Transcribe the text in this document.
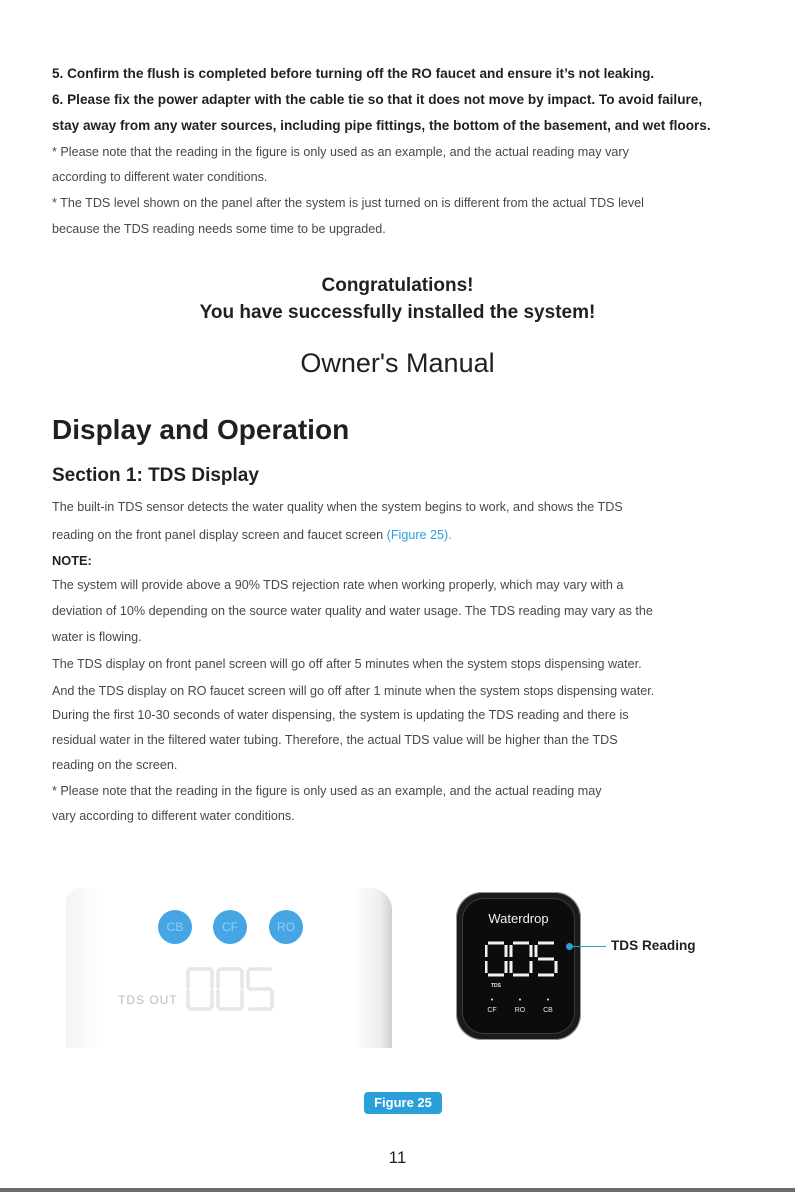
5. Confirm the flush is completed before turning off the RO faucet and ensure it’s not leaking.
6. Please fix the power adapter with the cable tie so that it does not move by impact. To avoid failure,
stay away from any water sources, including pipe fittings, the bottom of the basement, and wet floors.
* Please note that the reading in the figure is only used as an example, and the actual reading may vary
according to different water conditions.
* The TDS level shown on the panel after the system is just turned on is different from the actual TDS level
because the TDS reading needs some time to be upgraded.
Congratulations!
You have successfully installed the system!
Owner's Manual
Display and Operation
Section 1: TDS Display
The built-in TDS sensor detects the water quality when the system begins to work, and shows the TDS
reading on the front panel display screen and faucet screen (Figure 25).
NOTE:
The system will provide above a 90% TDS rejection rate when working properly, which may vary with a
deviation of 10% depending on the source water quality and water usage. The TDS reading may vary as the
water is flowing.
The TDS display on front panel screen will go off after 5 minutes when the system stops dispensing water.
And the TDS display on RO faucet screen will go off after 1 minute when the system stops dispensing water.
During the first 10-30 seconds of water dispensing, the system is updating the TDS reading and there is
residual water in the filtered water tubing. Therefore, the actual TDS value will be higher than the TDS
reading on the screen.
* Please note that the reading in the figure is only used as an example, and the actual reading may
vary according to different water conditions.
CB	CF	RO
TDS OUT
Waterdrop
TDS
•	•	•
CF	RO	CB
TDS Reading
Figure 25
11
